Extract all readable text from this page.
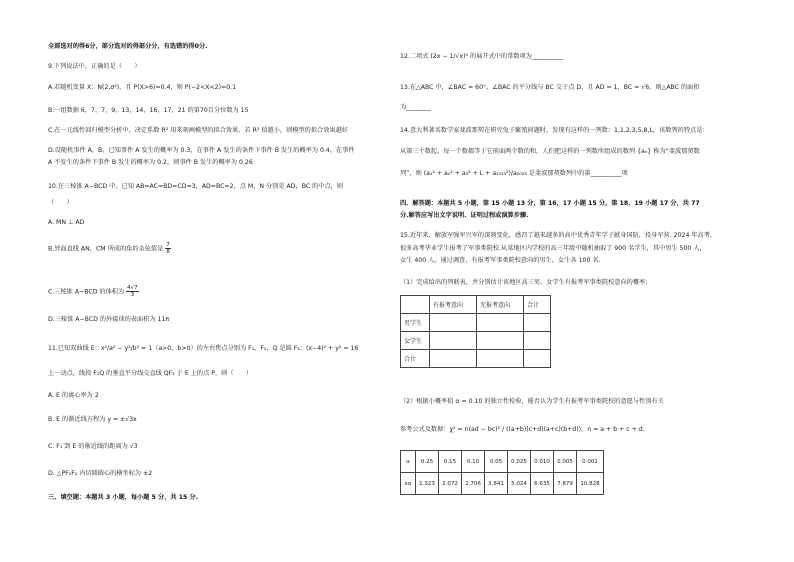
全部选对的得6分，部分选对的得部分分，有选错的得0分.
9.下列说法中，正确的是（　　）
A.若随机变量 X：N(2,σ²)，且 P(X>6)=0.4，则 P(−2<X<2)=0.1
B.一组数据 6，7，7，9，13，14，16，17，21 的第70百分位数为 15
C.在一元线性回归模型分析中，决定系数 R² 用来刻画模型的拟合效果，若 R² 值越小，则模型的拟合效果越好
D.设随机事件 A，B，已知事件 A 发生的概率为 0.3，在事件 A 发生的条件下事件 B 发生的概率为 0.4，在事件
A 不发生的条件下事件 B 发生的概率为 0.2，则事件 B 发生的概率为 0.26
10.在三棱锥 A−BCD 中，已知 AB=AC=BD=CD=3，AD=BC=2，点 M，N 分别是 AD，BC 的中点，则
（　　）
A. MN ⊥ AD
B.异面直线 AN，CM 所成的角的余弦值是 $\frac{7}{8}$
C.三棱锥 A−BCD 的体积为 $\frac{4√7}{3}$
D.三棱锥 A−BCD 的外接球的表面积为 11π
11.已知双曲线 E：x²/a² − y²/b² = 1（a>0，b>0）的左右焦点分别为 F₁，F₂，Q 是圆 F₂：(x−4)² + y² = 16
上一动点，线段 F₁Q 的垂直平分线交直线 QF₂ 于 E 上的点 P，则（　　）
A. E 的离心率为 2
B. E 的渐近线方程为 y = ±√3x
C. F₁ 到 E 的渐近线的距离为 √3
D. △PF₁F₂ 内切圆圆心的横坐标为 ±2
三、填空题：本题共 3 小题，每小题 5 分，共 15 分.
12.二项式 (2x − 1/√x)⁶ 的展开式中的常数项为__________
13.在△ABC 中，∠BAC = 60°，∠BAC 的平分线与 BC 交于点 D，且 AD = 1，BC = √6，则△ABC 的面积
为________
14.意大利著名数学家斐波那契在研究兔子繁殖问题时，发现有这样的一列数：1,1,2,3,5,8,L，该数列的特点是：
从第三个数起，每一个数都等于它前面两个数的和，人们把这样的一列数所组成的数列 {aₙ} 称为“斐波那契数
列”，则 (a₁² + a₂² + a₃² + L + a₂₀₂₃²)/a₂₀₂₃ 是斐波那契数列中的第__________项
四、解答题：本题共 5 小题，第 15 小题 13 分，第 16，17 小题 15 分，第 18，19 小题 17 分，共 77
分.解答应写出文字说明、证明过程或演算步骤.
15.近年来，解放军强军兴军的深刻变化，感召了越来越多的高中优秀青年学子献身国防，投身军营. 2024 年高考，
很多高考毕业学生报考了军事类院校.从某地区内学校的高三年级中随机抽取了 900 名学生，其中男生 500 人，
女生 400 人，通过调查，有报考军事类院校意向的男生，女生各 100 名.
（1）完成给出的列联表，并分别估计该地区高三男、女学生有报考军事类院校意向的概率；
	有报考意向	无报考意向	合计
男学生			
女学生			
合计			
（2）根据小概率值 α = 0.10 的独立性检验，能否认为学生有报考军事类院校的意愿与性别有关
参考公式及数据：χ² = n(ad − bc)² / ((a+b)(c+d)(a+c)(b+d))，n = a + b + c + d.
α	0.25	0.15	0.10	0.05	0.025	0.010	0.005	0.001
xα	1.323	2.072	2.706	3.841	5.024	6.635	7.879	10.828
